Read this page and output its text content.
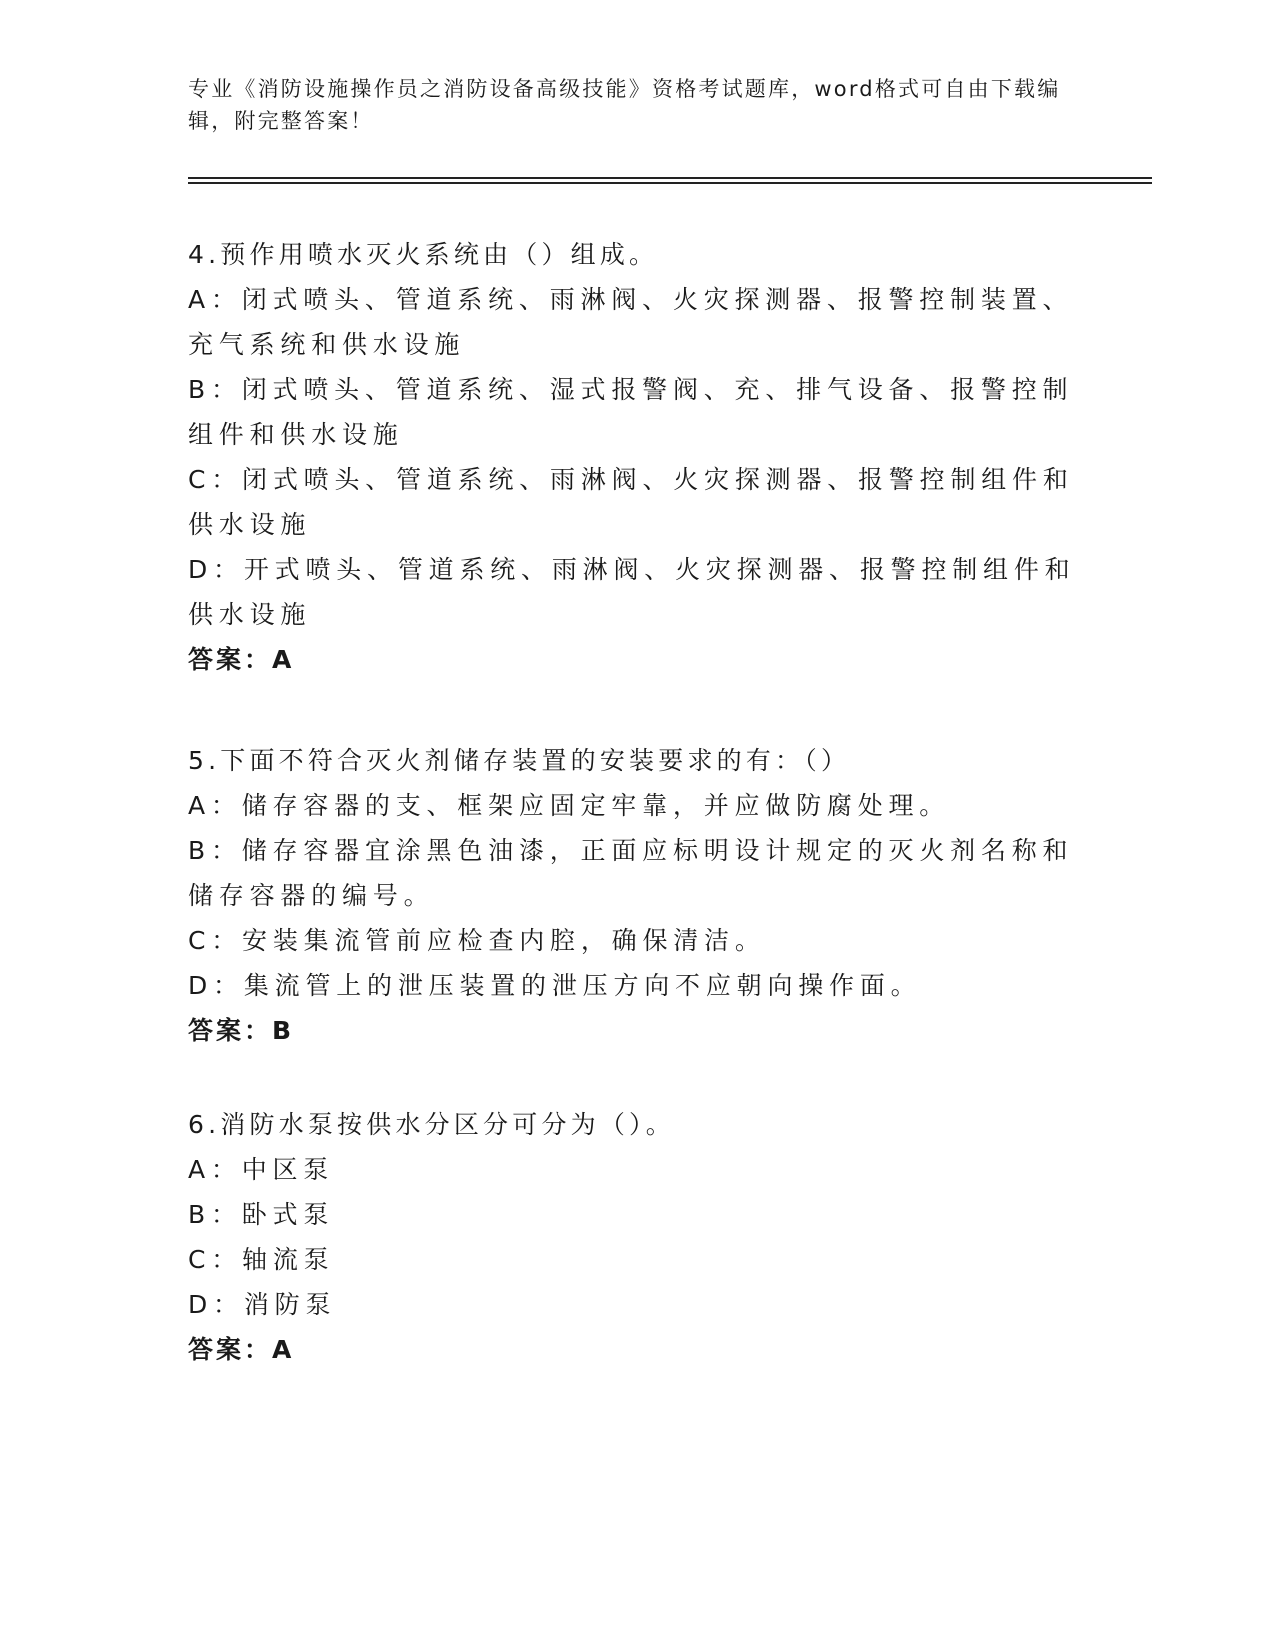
专业《消防设施操作员之消防设备高级技能》资格考试题库，word格式可自由下载编辑，附完整答案！

4.预作用喷水灭火系统由（）组成。

A：闭式喷头、管道系统、雨淋阀、火灾探测器、报警控制装置、充气系统和供水设施

B：闭式喷头、管道系统、湿式报警阀、充、排气设备、报警控制组件和供水设施

C：闭式喷头、管道系统、雨淋阀、火灾探测器、报警控制组件和供水设施

D：开式喷头、管道系统、雨淋阀、火灾探测器、报警控制组件和供水设施

答案：A

5.下面不符合灭火剂储存装置的安装要求的有：（）

A：储存容器的支、框架应固定牢靠，并应做防腐处理。

B：储存容器宜涂黑色油漆，正面应标明设计规定的灭火剂名称和储存容器的编号。

C：安装集流管前应检查内腔，确保清洁。

D：集流管上的泄压装置的泄压方向不应朝向操作面。

答案：B

6.消防水泵按供水分区分可分为（）。

A：中区泵

B：卧式泵

C：轴流泵

D：消防泵

答案：A
